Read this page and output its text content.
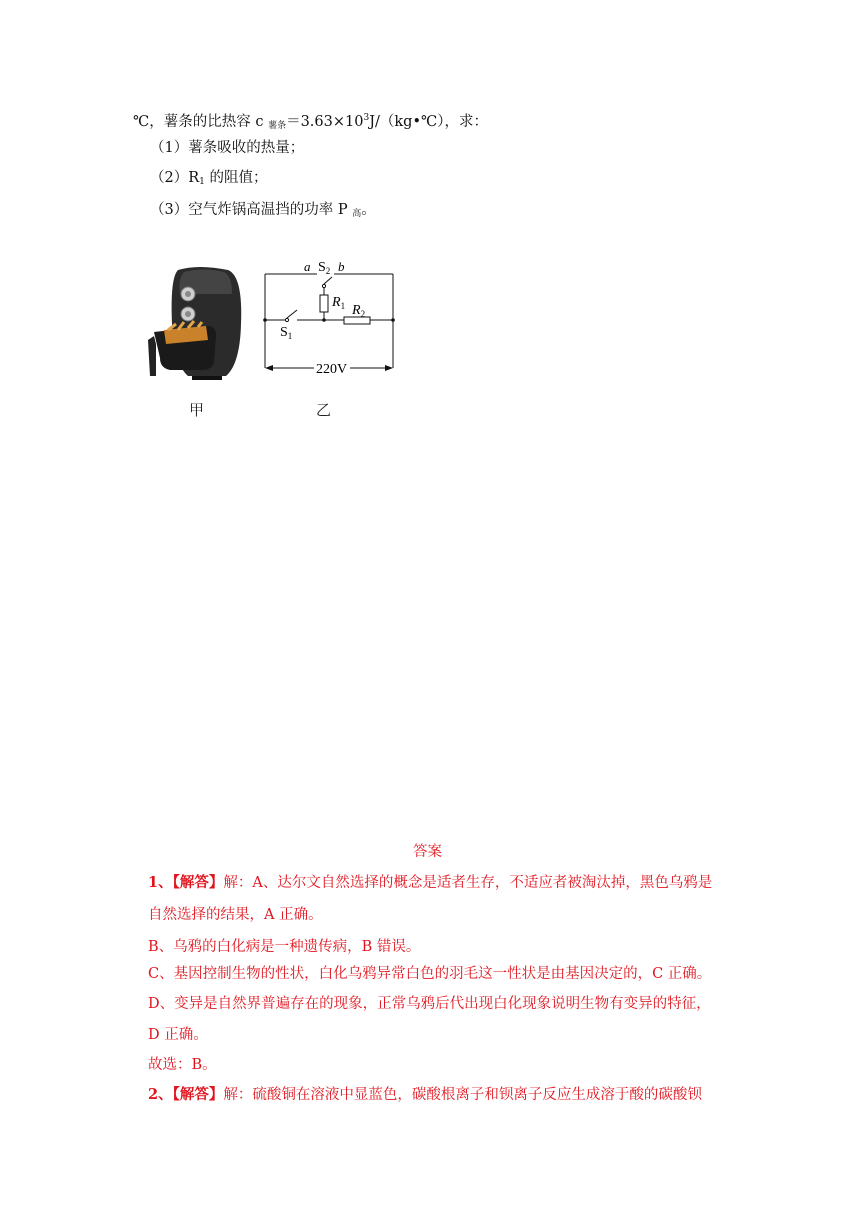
℃，薯条的比热容 c $_{薯条}=3.63\times 10^3J/(kg•℃)$，求：
（1）薯条吸收的热量；
$(2)R_1$ 的阻值；
（3）空气炸锅高温挡的功率 P $_高$。
甲
a $S_2$ b
$R_1$ $R_2$
$S_1$
220V
乙
答案
1、【解答】解：A、达尔文自然选择的概念是适者生存，不适应者被淘汰掉，黑色乌鸦是
自然选择的结果，A 正确。
B、乌鸦的白化病是一种遗传病，B 错误。
C、基因控制生物的性状，白化乌鸦异常白色的羽毛这一性状是由基因决定的，C 正确。
D、变异是自然界普遍存在的现象，正常乌鸦后代出现白化现象说明生物有变异的特征，
D 正确。
故选：B。
2、【解答】解：硫酸铜在溶液中显蓝色，碳酸根离子和钡离子反应生成溶于酸的碳酸钡
